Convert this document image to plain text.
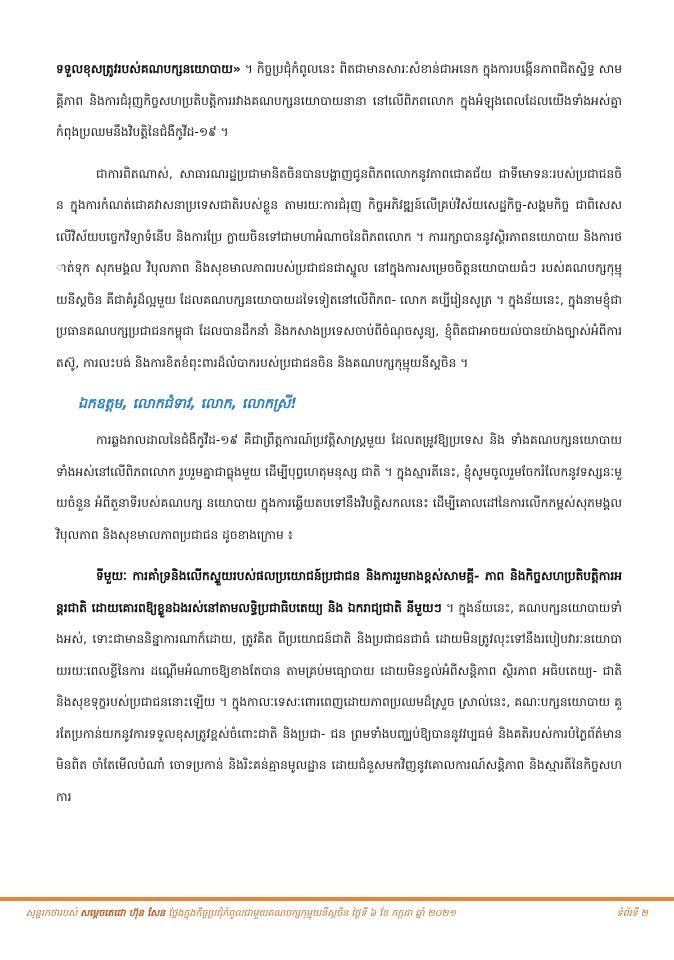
ទទួលខុសត្រូវរបស់គណបក្សនយោបាយ» ។ កិច្ចប្រជុំកំពូលនេះ ពិតជាមានសារៈសំខាន់ជាអនេក ក្នុងការបង្កើនភាពជិតស្និទ្ធ សាមគ្គីភាព និងការជំរុញកិច្ចសហប្រតិបត្តិការរវាងគណបក្សនយោបាយនានា នៅលើពិភពលោក ក្នុងអំឡុងពេលដែលយើងទាំងអស់គ្នាកំពុងប្រឈមនឹងវិបត្តិនៃជំងឺកូវីដ-១៩ ។

ជាការពិតណាស់, សាធារណរដ្ឋប្រជាមានិតចិនបានបង្ហាញជូនពិភពលោកនូវភាពជោគជ័យ ជាទីមោទនៈរបស់ប្រជាជនចិន ក្នុងការកំណត់ជោគវាសនាប្រទេសជាតិរបស់ខ្លួន តាមរយៈការជំរុញ កិច្ចអភិវឌ្ឍន៍លើគ្រប់វិស័យសេដ្ឋកិច្ច-សង្គមកិច្ច ជាពិសេសលើវិស័យបច្ចេកវិទ្យាទំនើប និងការប្រែ ក្លាយចិនទៅជាមហាអំណាចនៃពិភពលោក ។ ការរក្សាបាននូវស្ថិរភាពនយោបាយ និងការថាត់ទុក សុភមង្គល វិបុលភាព និងសុខមាលភាពរបស់ប្រជាជនជាស្នូល នៅក្នុងការសម្រេចចិត្តនយោបាយធំៗ របស់គណបក្សកុម្មុយនីស្តចិន គឺជាគំរូដ៏ល្អមួយ ដែលគណបក្សនយោបាយដទៃទៀតនៅលើពិភព- លោក គប្បីរៀនសូត្រ ។ ក្នុងន័យនេះ, ក្នុងនាមខ្ញុំជាប្រធានគណបក្សប្រជាជនកម្ពុជា ដែលបានដឹកនាំ និងកសាងប្រទេសចាប់ពីចំណុចសូន្យ, ខ្ញុំពិតជាអាចយល់បានយ៉ាងច្បាស់អំពីការតស៊ូ, ការលះបង់ និងការខិតខំពុះពារដ៏លំបាករបស់ប្រជាជនចិន និងគណបក្សកុម្មុយនីស្តចិន ។

ឯកឧត្តម, លោកជំទាវ, លោក, លោកស្រី!

ការឆ្លងរាលដាលនៃជំងឺកូវីដ-១៩ គឺជាព្រឹត្តការណ៍ប្រវត្តិសាស្ត្រមួយ ដែលតម្រូវឱ្យប្រទេស និង ទាំងគណបក្សនយោបាយទាំងអស់នៅលើពិភពលោក រួបរួមគ្នាជាធ្លុងមួយ ដើម្បីបុព្វហេតុមនុស្ស ជាតិ ។ ក្នុងស្មារតីនេះ, ខ្ញុំសូមចូលរួមចែករំលែកនូវទស្សនៈមួយចំនួន អំពីតួនាទីរបស់គណបក្ស នយោបាយ ក្នុងការឆ្លើយតបទៅនឹងវិបត្តិសកលនេះ ដើម្បីគោលដៅនៃការលើកកម្ពស់សុភមង្គល វិបុលភាព និងសុខមាលភាពប្រជាជន ដូចខាងក្រោម ៖

ទីមួយៈ ការគាំទ្រនិងលើកស្ទួយរបស់ផលប្រយោជន៍ប្រជាជន និងការរួមរាងខ្ពស់សាមគ្គី- ភាព និងកិច្ចសហប្រតិបត្តិការអន្តរជាតិ ដោយគោរពឱ្យខ្លួនឯងរស់នៅតាមលទ្ធិប្រជាធិបតេយ្យ និង ឯករាជ្យជាតិ នីមួយៗ ។ ក្នុងន័យនេះ, គណបក្សនយោបាយទាំងអស់, ទោះជាមាននិន្នាការណាក៏ដោយ, ត្រូវគិត ពីប្រយោជន៍ជាតិ និងប្រជាជនជាធំ ដោយមិនត្រូវលុះទៅនឹងរបៀបវារៈនយោបាយរយៈពេលខ្លីនៃការ ដណ្តើមអំណាចឱ្យខាងតែបាន តាមគ្រប់មធ្យោបាយ ដោយមិនខ្វល់អំពីសន្តិភាព ស្ថិរភាព អធិបតេយ្យ- ជាតិ និងសុខទុក្ខរបស់ប្រជាជននោះឡើយ ។ ក្នុងកាលៈទេសៈពោរពេញដោយភាពប្រឈមដ៏ស្រួច ស្រាល់នេះ, គណៈបក្សនយោបាយ គួរតែប្រកាន់យកនូវការទទួលខុសត្រូវខ្ពស់ចំពោះជាតិ និងប្រជា- ជន ព្រមទាំងបញ្ឈប់ឱ្យបាននូវវប្បធម៌ និងគតិរបស់ការបំភ្លៃព័ត៌មានមិនពិត ចាំតែមើលបំណាំ ចោទប្រកាន់ និងរិះគន់គ្មានមូលដ្ឋាន ដោយជំនួសមកវិញនូវគោលការណ៍សន្តិភាព និងស្មារតីនៃកិច្ចសហការ

សុន្ទរកថារបស់ សម្តេចតេជោ ហ៊ុន សែន ថ្លែងក្នុងកិច្ចប្រជុំកំពូលជាមួយគណបក្សកុម្មុយនីស្តចិន ថ្ងៃទី ៦ ខែ កក្កដា ឆ្នាំ ២០២១	ទំព័រទី ២
